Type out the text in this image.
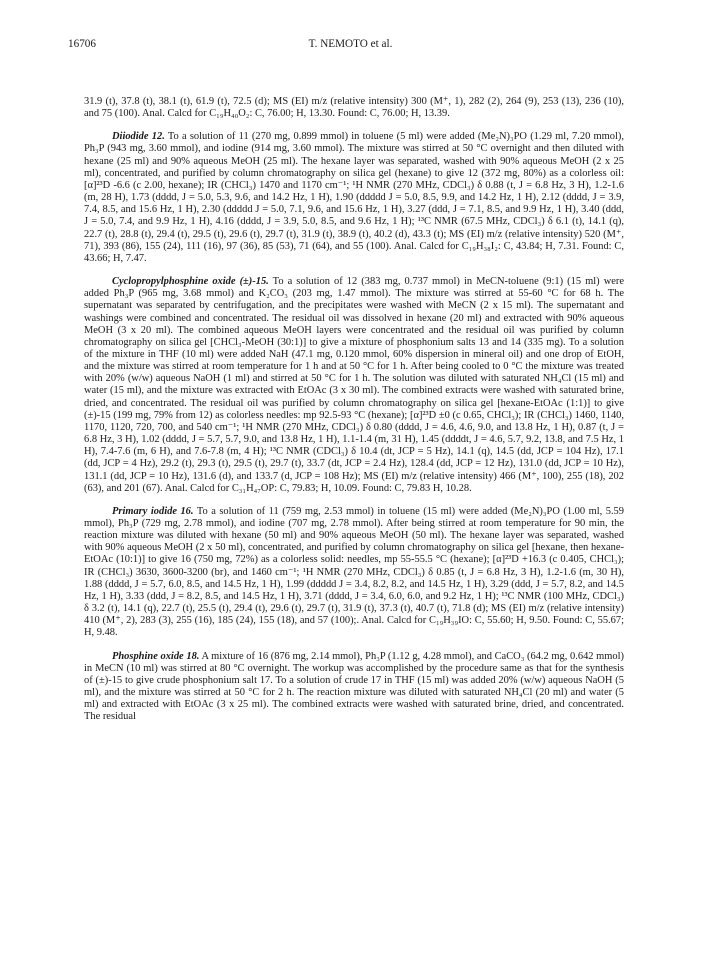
16706	T. NEMOTO et al.

31.9 (t), 37.8 (t), 38.1 (t), 61.9 (t), 72.5 (d); MS (EI) m/z (relative intensity) 300 (M⁺, 1), 282 (2), 264 (9), 253 (13), 236 (10), and 75 (100). Anal. Calcd for C₁₉H₄₀O₂: C, 76.00; H, 13.30. Found: C, 76.00; H, 13.39.

Diiodide 12. To a solution of 11 (270 mg, 0.899 mmol) in toluene (5 ml) were added (Me₂N)₃PO (1.29 ml, 7.20 mmol), Ph₃P (943 mg, 3.60 mmol), and iodine (914 mg, 3.60 mmol). The mixture was stirred at 50 °C overnight and then diluted with hexane (25 ml) and 90% aqueous MeOH (25 ml). The hexane layer was separated, washed with 90% aqueous MeOH (2 x 25 ml), concentrated, and purified by column chromatography on silica gel (hexane) to give 12 (372 mg, 80%) as a colorless oil: [α]²³D -6.6 (c 2.00, hexane); IR (CHCl₃) 1470 and 1170 cm⁻¹; ¹H NMR (270 MHz, CDCl₃) δ 0.88 (t, J = 6.8 Hz, 3 H), 1.2-1.6 (m, 28 H), 1.73 (dddd, J = 5.0, 5.3, 9.6, and 14.2 Hz, 1 H), 1.90 (ddddd J = 5.0, 8.5, 9.9, and 14.2 Hz, 1 H), 2.12 (dddd, J = 3.9, 7.4, 8.5, and 15.6 Hz, 1 H), 2.30 (ddddd J = 5.0, 7.1, 9.6, and 15.6 Hz, 1 H), 3.27 (ddd, J = 7.1, 8.5, and 9.9 Hz, 1 H), 3.40 (ddd, J = 5.0, 7.4, and 9.9 Hz, 1 H), 4.16 (dddd, J = 3.9, 5.0, 8.5, and 9.6 Hz, 1 H); ¹³C NMR (67.5 MHz, CDCl₃) δ 6.1 (t), 14.1 (q), 22.7 (t), 28.8 (t), 29.4 (t), 29.5 (t), 29.6 (t), 29.7 (t), 31.9 (t), 38.9 (t), 40.2 (d), 43.3 (t); MS (EI) m/z (relative intensity) 520 (M⁺, 71), 393 (86), 155 (24), 111 (16), 97 (36), 85 (53), 71 (64), and 55 (100). Anal. Calcd for C₁₉H₃₈I₂: C, 43.84; H, 7.31. Found: C, 43.66; H, 7.47.

Cyclopropylphosphine oxide (±)-15. To a solution of 12 (383 mg, 0.737 mmol) in MeCN-toluene (9:1) (15 ml) were added Ph₃P (965 mg, 3.68 mmol) and K₂CO₃ (203 mg, 1.47 mmol). The mixture was stirred at 55-60 °C for 68 h. The supernatant was separated by centrifugation, and the precipitates were washed with MeCN (2 x 15 ml). The supernatant and washings were combined and concentrated. The residual oil was dissolved in hexane (20 ml) and extracted with 90% aqueous MeOH (3 x 20 ml). The combined aqueous MeOH layers were concentrated and the residual oil was purified by column chromatography on silica gel [CHCl₃-MeOH (30:1)] to give a mixture of phosphonium salts 13 and 14 (335 mg). To a solution of the mixture in THF (10 ml) were added NaH (47.1 mg, 0.120 mmol, 60% dispersion in mineral oil) and one drop of EtOH, and the mixture was stirred at room temperature for 1 h and at 50 °C for 1 h. After being cooled to 0 °C the mixture was treated with 20% (w/w) aqueous NaOH (1 ml) and stirred at 50 °C for 1 h. The solution was diluted with saturated NH₄Cl (15 ml) and water (15 ml), and the mixture was extracted with EtOAc (3 x 30 ml). The combined extracts were washed with saturated brine, dried, and concentrated. The residual oil was purified by column chromatography on silica gel [hexane-EtOAc (1:1)] to give (±)-15 (199 mg, 79% from 12) as colorless needles: mp 92.5-93 °C (hexane); [α]²³D ±0 (c 0.65, CHCl₃); IR (CHCl₃) 1460, 1140, 1170, 1120, 720, 700, and 540 cm⁻¹; ¹H NMR (270 MHz, CDCl₃) δ 0.80 (dddd, J = 4.6, 4.6, 9.0, and 13.8 Hz, 1 H), 0.87 (t, J = 6.8 Hz, 3 H), 1.02 (dddd, J = 5.7, 5.7, 9.0, and 13.8 Hz, 1 H), 1.1-1.4 (m, 31 H), 1.45 (ddddt, J = 4.6, 5.7, 9.2, 13.8, and 7.5 Hz, 1 H), 7.4-7.6 (m, 6 H), and 7.6-7.8 (m, 4 H); ¹³C NMR (CDCl₃) δ 10.4 (dt, JCP = 5 Hz), 14.1 (q), 14.5 (dd, JCP = 104 Hz), 17.1 (dd, JCP = 4 Hz), 29.2 (t), 29.3 (t), 29.5 (t), 29.7 (t), 33.7 (dt, JCP = 2.4 Hz), 128.4 (dd, JCP = 12 Hz), 131.0 (dd, JCP = 10 Hz), 131.1 (dd, JCP = 10 Hz), 131.6 (d), and 133.7 (d, JCP = 108 Hz); MS (EI) m/z (relative intensity) 466 (M⁺, 100), 255 (18), 202 (63), and 201 (67). Anal. Calcd for C₃₁H₄₇OP: C, 79.83; H, 10.09. Found: C, 79.83 H, 10.28.

Primary iodide 16. To a solution of 11 (759 mg, 2.53 mmol) in toluene (15 ml) were added (Me₂N)₃PO (1.00 ml, 5.59 mmol), Ph₃P (729 mg, 2.78 mmol), and iodine (707 mg, 2.78 mmol). After being stirred at room temperature for 90 min, the reaction mixture was diluted with hexane (50 ml) and 90% aqueous MeOH (50 ml). The hexane layer was separated, washed with 90% aqueous MeOH (2 x 50 ml), concentrated, and purified by column chromatography on silica gel [hexane, then hexane-EtOAc (10:1)] to give 16 (750 mg, 72%) as a colorless solid: needles, mp 55-55.5 °C (hexane); [α]²³D +16.3 (c 0.405, CHCl₃); IR (CHCl₃) 3630, 3600-3200 (br), and 1460 cm⁻¹; ¹H NMR (270 MHz, CDCl₃) δ 0.85 (t, J = 6.8 Hz, 3 H), 1.2-1.6 (m, 30 H), 1.88 (dddd, J = 5.7, 6.0, 8.5, and 14.5 Hz, 1 H), 1.99 (ddddd J = 3.4, 8.2, 8.2, and 14.5 Hz, 1 H), 3.29 (ddd, J = 5.7, 8.2, and 14.5 Hz, 1 H), 3.33 (ddd, J = 8.2, 8.5, and 14.5 Hz, 1 H), 3.71 (dddd, J = 3.4, 6.0, 6.0, and 9.2 Hz, 1 H); ¹³C NMR (100 MHz, CDCl₃) δ 3.2 (t), 14.1 (q), 22.7 (t), 25.5 (t), 29.4 (t), 29.6 (t), 29.7 (t), 31.9 (t), 37.3 (t), 40.7 (t), 71.8 (d); MS (EI) m/z (relative intensity) 410 (M⁺, 2), 283 (3), 255 (16), 185 (24), 155 (18), and 57 (100);. Anal. Calcd for C₁₉H₃₉IO: C, 55.60; H, 9.50. Found: C, 55.67; H, 9.48.

Phosphine oxide 18. A mixture of 16 (876 mg, 2.14 mmol), Ph₃P (1.12 g, 4.28 mmol), and CaCO₃ (64.2 mg, 0.642 mmol) in MeCN (10 ml) was stirred at 80 °C overnight. The workup was accomplished by the procedure same as that for the synthesis of (±)-15 to give crude phosphonium salt 17. To a solution of crude 17 in THF (15 ml) was added 20% (w/w) aqueous NaOH (5 ml), and the mixture was stirred at 50 °C for 2 h. The reaction mixture was diluted with saturated NH₄Cl (20 ml) and water (5 ml) and extracted with EtOAc (3 x 25 ml). The combined extracts were washed with saturated brine, dried, and concentrated. The residual
